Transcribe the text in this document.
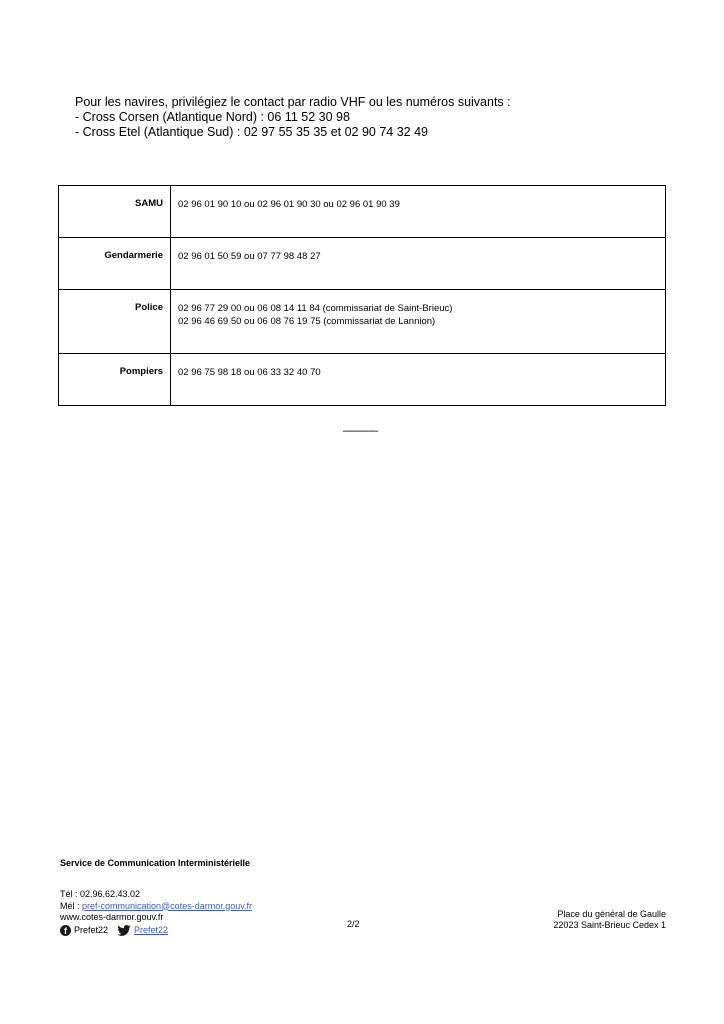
Pour les navires, privilégiez le contact par radio VHF ou les numéros suivants :
- Cross Corsen (Atlantique Nord) : 06 11 52 30 98
- Cross Etel (Atlantique Sud) : 02 97 55 35 35 et 02 90 74 32 49
SAMU	02 96 01 90 10 ou 02 96 01 90 30 ou 02 96 01 90 39

Gendarmerie	02 96 01 50 59 ou 07 77 98 48 27

Police	02 96 77 29 00 ou 06 08 14 11 84 (commissariat de Saint-Brieuc)
02 96 46 69 50 ou 06 08 76 19 75 (commissariat de Lannion)

Pompiers	02 96 75 98 18 ou 06 33 32 40 70
______
Service de Communication Interministérielle
Tél : 02.96.62.43.02
Mél : pref-communication@cotes-darmor.gouv.fr
www.cotes-darmor.gouv.fr
f Prefet22	Prefet22
2/2
Place du général de Gaulle
22023 Saint-Brieuc Cedex 1
